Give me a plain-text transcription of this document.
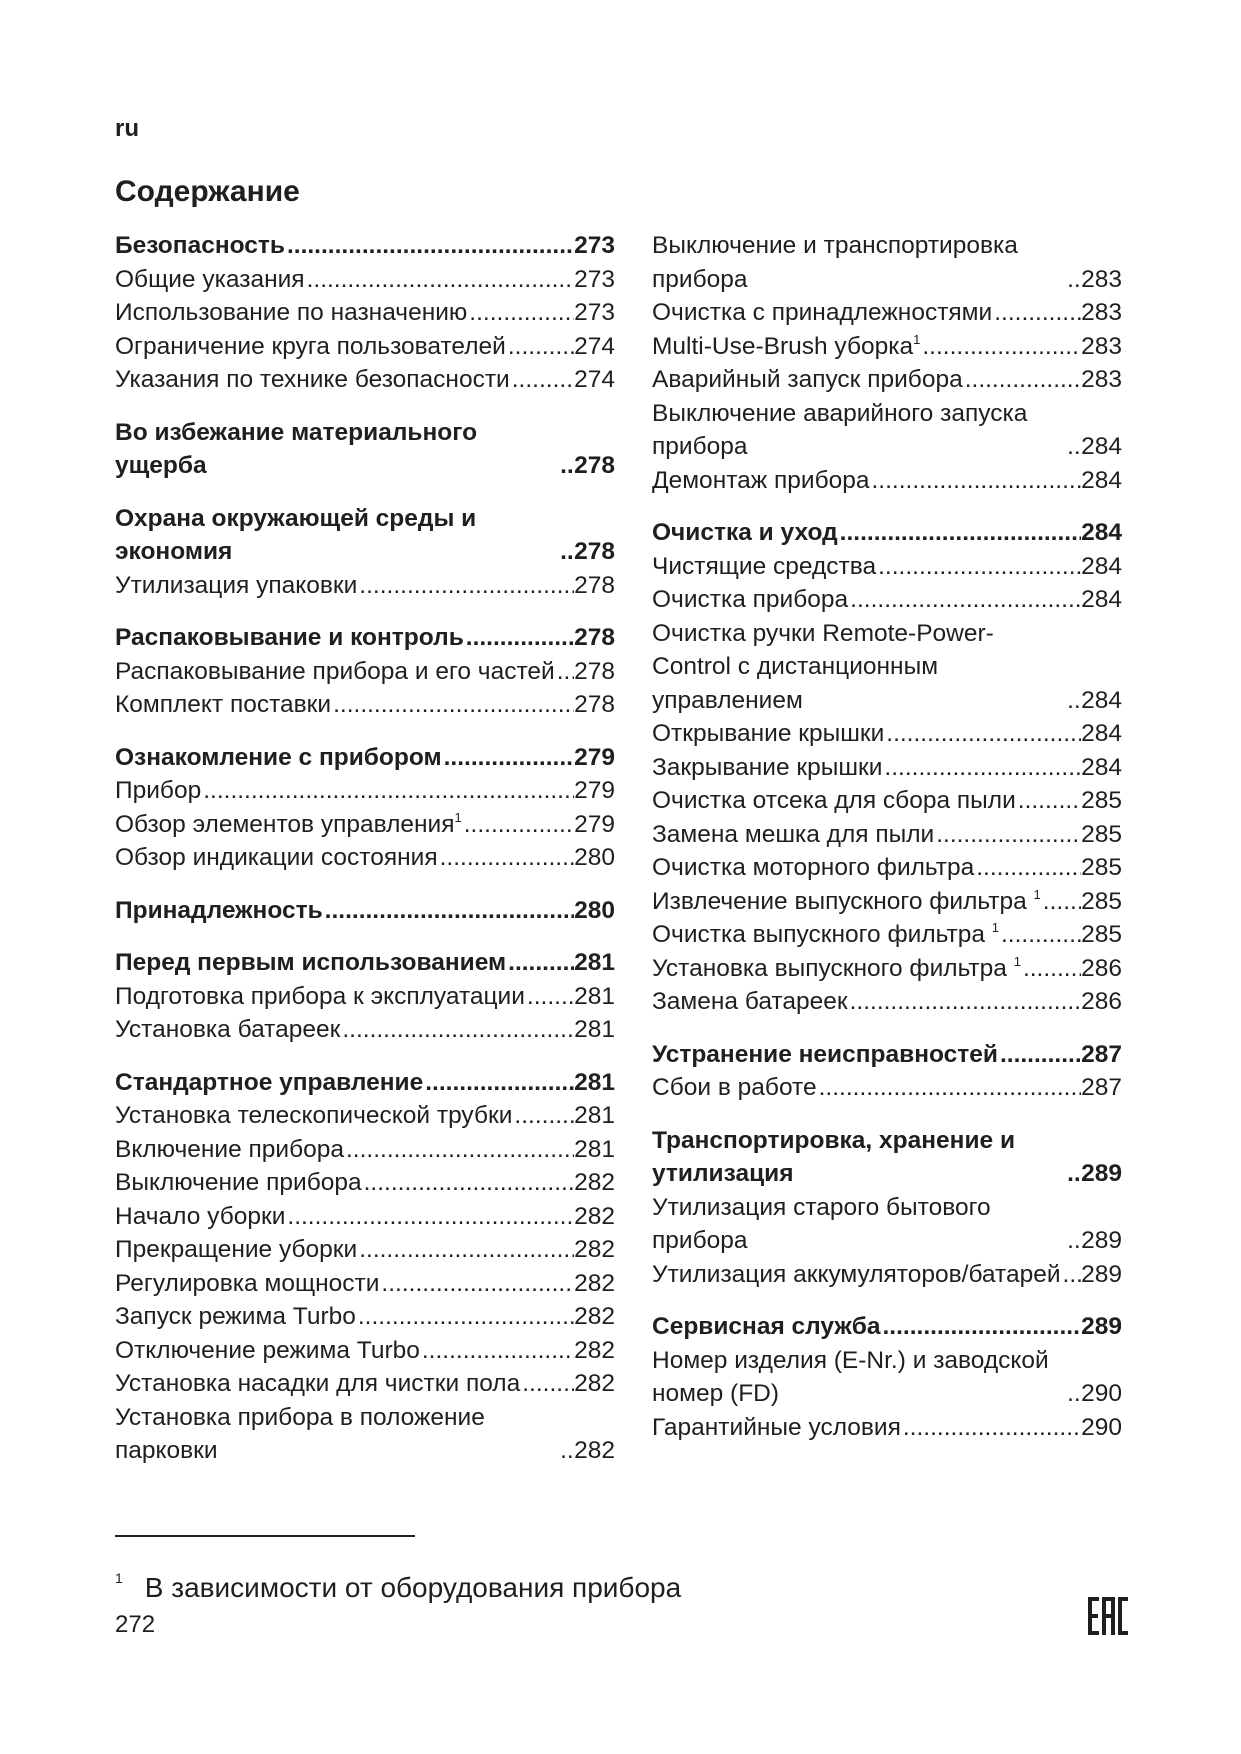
ru
Содержание
Безопасность .....	273
Общие указания .....	273
Использование по назначению .....	273
Ограничение круга пользователей .....	274
Указания по технике безопасности .....	274
Во избежание материального ущерба .....	278
Охрана окружающей среды и экономия .....	278
Утилизация упаковки .....	278
Распаковывание и контроль .....	278
Распаковывание прибора и его частей ..... 278
Комплект поставки .....	278
Ознакомление с прибором .....	279
Прибор .....	279
Обзор элементов управления$^1$ .....	279
Обзор индикации состояния .....	280
Принадлежность .....	280
Перед первым использованием .....	281
Подготовка прибора к эксплуатации ..... 281
Установка батареек .....	281
Стандартное управление .....	281
Установка телескопической трубки .....	281
Включение прибора .....	281
Выключение прибора .....	282
Начало уборки .....	282
Прекращение уборки .....	282
Регулировка мощности .....	282
Запуск режима Turbo .....	282
Отключение режима Turbo .....	282
Установка насадки для чистки пола ..... 282
Установка прибора в положение парковки .....	282
Выключение и транспортировка прибора .....	283
Очистка с принадлежностями .....	283
Multi-Use-Brush уборка$^1$ .....	283
Аварийный запуск прибора .....	283
Выключение аварийного запуска прибора .....	284
Демонтаж прибора .....	284
Очистка и уход .....	284
Чистящие средства .....	284
Очистка прибора .....	284
Очистка ручки Remote-Power-Control с дистанционным управлением .....	284
Открывание крышки .....	284
Закрывание крышки .....	284
Очистка отсека для сбора пыли .....	285
Замена мешка для пыли .....	285
Очистка моторного фильтра .....	285
Извлечение выпускного фильтра $^1$ ..... 285
Очистка выпускного фильтра $^1$ .....	285
Установка выпускного фильтра $^1$ ..... 286
Замена батареек .....	286
Устранение неисправностей .....	287
Сбои в работе .....	287
Транспортировка, хранение и утилизация .....	289
Утилизация старого бытового прибора .....	289
Утилизация аккумуляторов/батарей ..... 289
Сервисная служба .....	289
Номер изделия (E-Nr.) и заводской номер (FD) .....	290
Гарантийные условия .....	290
$^1$ В зависимости от оборудования прибора
272
